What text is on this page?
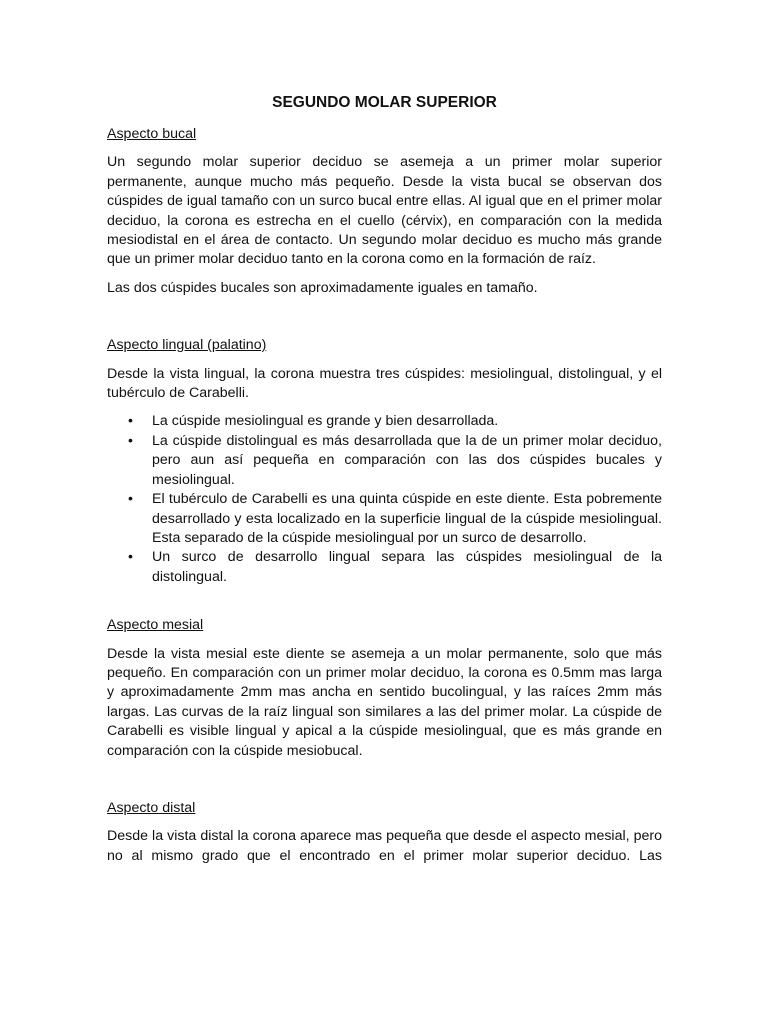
SEGUNDO MOLAR SUPERIOR
Aspecto bucal
Un segundo molar superior deciduo se asemeja a un primer molar superior permanente, aunque mucho más pequeño. Desde la vista bucal se observan dos cúspides de igual tamaño con un surco bucal entre ellas. Al igual que en el primer molar deciduo, la corona es estrecha en el cuello (cérvix), en comparación con la medida mesiodistal en el área de contacto. Un segundo molar deciduo es mucho más grande que un primer molar deciduo tanto en la corona como en la formación de raíz.
Las dos cúspides bucales son aproximadamente iguales en tamaño.
Aspecto lingual (palatino)
Desde la vista lingual, la corona muestra tres cúspides: mesiolingual, distolingual, y el tubérculo de Carabelli.
• La cúspide mesiolingual es grande y bien desarrollada.
• La cúspide distolingual es más desarrollada que la de un primer molar deciduo, pero aun así pequeña en comparación con las dos cúspides bucales y mesiolingual.
• El tubérculo de Carabelli es una quinta cúspide en este diente. Esta pobremente desarrollado y esta localizado en la superficie lingual de la cúspide mesiolingual. Esta separado de la cúspide mesiolingual por un surco de desarrollo.
• Un surco de desarrollo lingual separa las cúspides mesiolingual de la distolingual.
Aspecto mesial
Desde la vista mesial este diente se asemeja a un molar permanente, solo que más pequeño. En comparación con un primer molar deciduo, la corona es 0.5mm mas larga y aproximadamente 2mm mas ancha en sentido bucolingual, y las raíces 2mm más largas. Las curvas de la raíz lingual son similares a las del primer molar. La cúspide de Carabelli es visible lingual y apical a la cúspide mesiolingual, que es más grande en comparación con la cúspide mesiobucal.
Aspecto distal
Desde la vista distal la corona aparece mas pequeña que desde el aspecto mesial, pero no al mismo grado que el encontrado en el primer molar superior deciduo. Las
